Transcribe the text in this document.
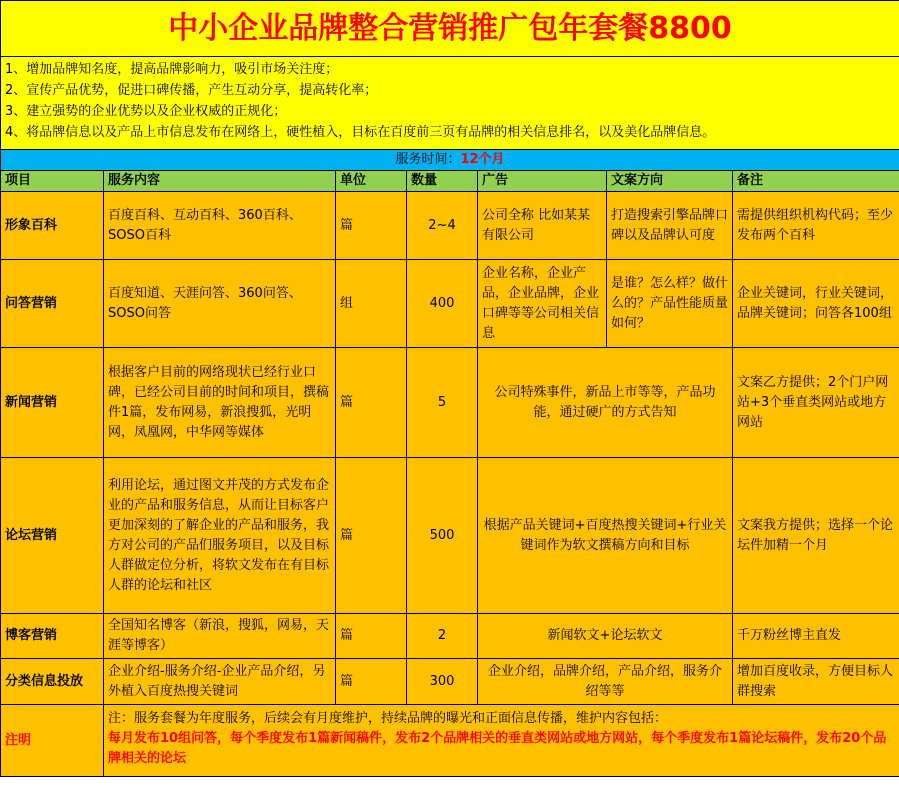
中小企业品牌整合营销推广包年套餐8800						

1、增加品牌知名度，提高品牌影响力，吸引市场关注度；
2、宣传产品优势，促进口碑传播，产生互动分享，提高转化率；
3、建立强势的企业优势以及企业权威的正规化；
4、将品牌信息以及产品上市信息发布在网络上，硬性植入，目标在百度前三页有品牌的相关信息排名，以及美化品牌信息。						

服务时间：12个月						
项目	服务内容	单位	数量	广告	文案方向	备注
形象百科	百度百科、互动百科、360百科、SOSO百科	篇	2~4	公司全称 比如某某有限公司	打造搜索引擎品牌口碑以及品牌认可度	需提供组织机构代码；至少发布两个百科
问答营销	百度知道、天涯问答、360问答、SOSO问答	组	400	企业名称，企业产品，企业品牌，企业口碑等等公司相关信息	是谁？怎么样？做什么的？产品性能质量如何？	企业关键词，行业关键词，品牌关键词；问答各100组
新闻营销	根据客户目前的网络现状已经行业口碑，已经公司目前的时间和项目，撰稿件1篇，发布网易，新浪搜狐，光明网，凤凰网，中华网等媒体	篇	5	公司特殊事件，新品上市等等，产品功能，通过硬广的方式告知		文案乙方提供；2个门户网站+3个垂直类网站或地方网站
论坛营销	利用论坛，通过图文并茂的方式发布企业的产品和服务信息，从而让目标客户更加深刻的了解企业的产品和服务，我方对公司的产品们服务项目，以及目标人群做定位分析，将软文发布在有目标人群的论坛和社区	篇	500	根据产品关键词+百度热搜关键词+行业关键词作为软文撰稿方向和目标		文案我方提供；选择一个论坛件加精一个月
博客营销	全国知名博客（新浪，搜狐，网易，天涯等博客）	篇	2	新闻软文+论坛软文		千万粉丝博主直发
分类信息投放	企业介绍-服务介绍-企业产品介绍，另外植入百度热搜关键词	篇	300	企业介绍，品牌介绍，产品介绍，服务介绍等等		增加百度收录，方便目标人群搜索
注明	注：服务套餐为年度服务，后续会有月度维护，持续品牌的曝光和正面信息传播，维护内容包括：
每月发布10组问答，每个季度发布1篇新闻稿件，发布2个品牌相关的垂直类网站或地方网站，每个季度发布1篇论坛稿件，发布20个品牌相关的论坛					
